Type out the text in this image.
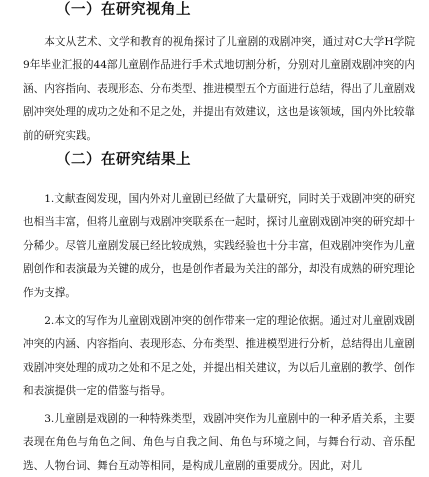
（一）在研究视角上

本文从艺术、文学和教育的视角探讨了儿童剧的戏剧冲突，通过对C大学H学院9年毕业汇报的44部儿童剧作品进行手术式地切割分析，分别对儿童剧戏剧冲突的内涵、内容指向、表现形态、分布类型、推进模型五个方面进行总结，得出了儿童剧戏剧冲突处理的成功之处和不足之处，并提出有效建议，这也是该领域，国内外比较靠前的研究实践。

（二）在研究结果上

1.文献查阅发现，国内外对儿童剧已经做了大量研究，同时关于戏剧冲突的研究也相当丰富，但将儿童剧与戏剧冲突联系在一起时，探讨儿童剧戏剧冲突的研究却十分稀少。尽管儿童剧发展已经比较成熟，实践经验也十分丰富，但戏剧冲突作为儿童剧创作和表演最为关键的成分，也是创作者最为关注的部分，却没有成熟的研究理论作为支撑。

2.本文的写作为儿童剧戏剧冲突的创作带来一定的理论依据。通过对儿童剧戏剧冲突的内涵、内容指向、表现形态、分布类型、推进模型进行分析，总结得出儿童剧戏剧冲突处理的成功之处和不足之处，并提出相关建议，为以后儿童剧的教学、创作和表演提供一定的借鉴与指导。

3.儿童剧是戏剧的一种特殊类型，戏剧冲突作为儿童剧中的一种矛盾关系，主要表现在角色与角色之间、角色与自我之间、角色与环境之间，与舞台行动、音乐配选、人物台词、舞台互动等相同，是构成儿童剧的重要成分。因此，对儿
